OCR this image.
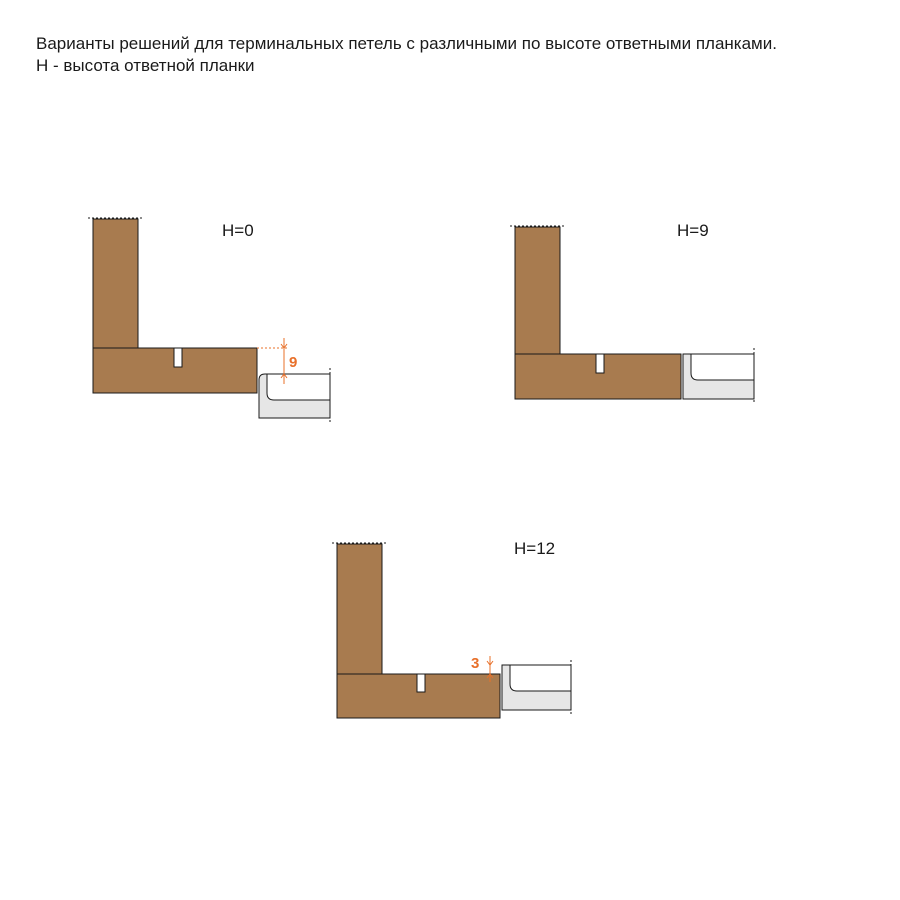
Варианты решений для терминальных петель с различными по высоте ответными планками.
H - высота ответной планки
H=0
9
H=9
H=12
3
